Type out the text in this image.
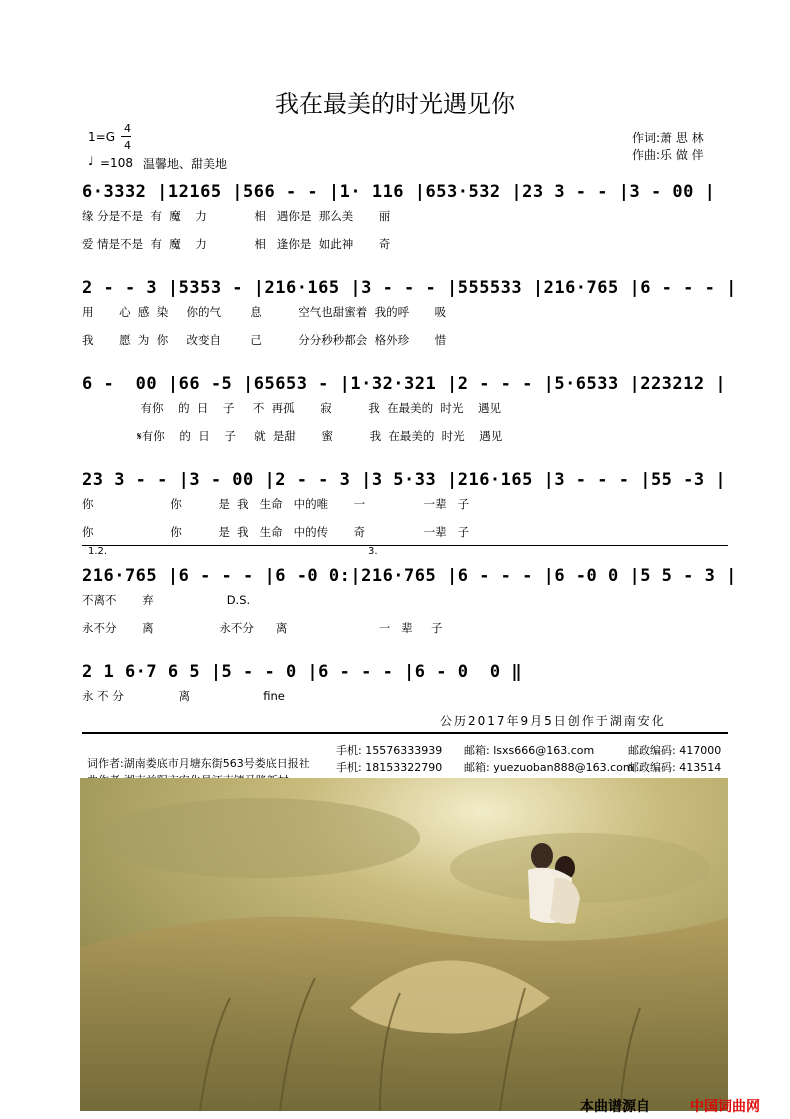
我在最美的时光遇见你
1=G
4
4
♩ =108 温馨地、甜美地
作词:萧 思 林
作曲:乐 做 伴
6·3332 |12165 |566 - - |1· 116 |653·532 |23 3 - - |3 - 00 |
缘 分是不是  有  魔    力             相   遇你是  那么美       丽
爱 情是不是  有  魔    力             相   逢你是  如此神       奇
2 - - 3 |5353 - |216·165 |3 - - - |555533 |216·765 |6 - - - |
用       心  感  染     你的气        息          空气也甜蜜着  我的呼       吸
我       愿  为  你     改变自        己          分分秒秒都会  格外珍       惜
6 -  00 |66 -5 |65653 - |1·32·321 |2 - - - |5·6533 |223212 |
有你    的  日    子     不  再孤       寂          我  在最美的  时光    遇见
𝄋有你    的  日    子     就  是甜       蜜          我  在最美的  时光    遇见
23 3 - - |3 - 00 |2 - - 3 |3 5·33 |216·165 |3 - - - |55 -3 |
你                     你          是  我   生命   中的唯       一                一辈   子
你                     你          是  我   生命   中的传       奇                一辈   子
1.2.	3.
216·765 |6 - - - |6 -0 0:|216·765 |6 - - - |6 -0 0 |5 5 - 3 |
不离不       弃                    D.S.
永不分       离                  永不分      离                         一   辈     子
2 1 6·7 6 5 |5 - - 0 |6 - - - |6 - 0  0 ‖
永 不 分               离                    fine
公历2017年9月5日创作于湖南安化

词作者:湖南娄底市月塘东街563号娄底日报社

手机: 15576333939 邮箱: lsxs666@163.com	邮政编码: 417000

手机: 18153322790 邮箱: yuezuoban888@163.com
邮政编码: 413514
本曲谱源自	中国词曲网
